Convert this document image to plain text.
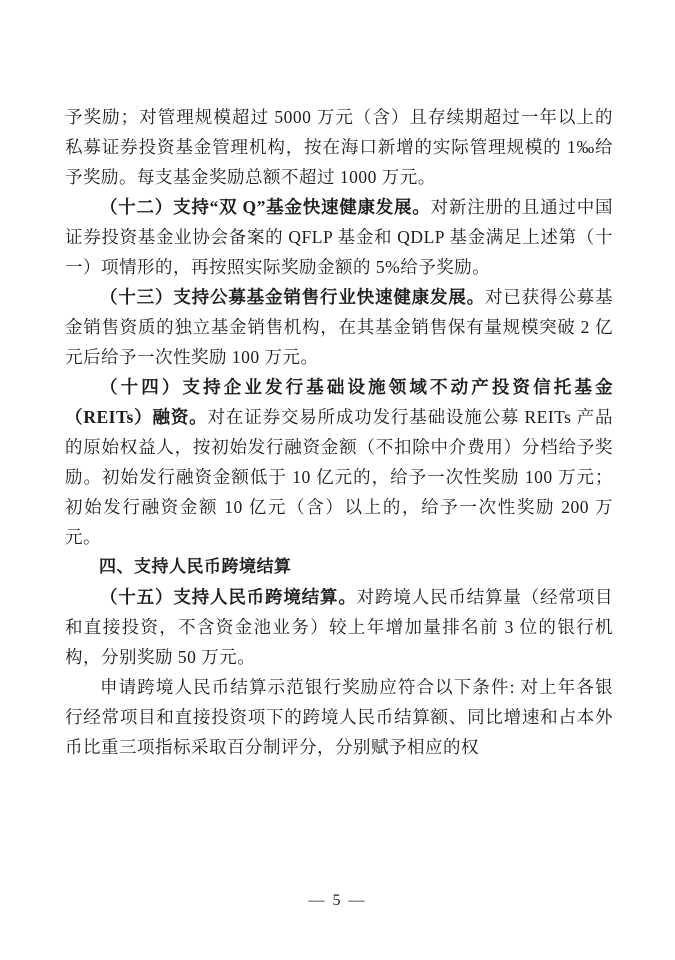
予奖励；对管理规模超过 5000 万元（含）且存续期超过一年以上的私募证券投资基金管理机构，按在海口新增的实际管理规模的 1‰给予奖励。每支基金奖励总额不超过 1000 万元。

（十二）支持“双 Q”基金快速健康发展。对新注册的且通过中国证券投资基金业协会备案的 QFLP 基金和 QDLP 基金满足上述第（十一）项情形的，再按照实际奖励金额的 5%给予奖励。

（十三）支持公募基金销售行业快速健康发展。对已获得公募基金销售资质的独立基金销售机构，在其基金销售保有量规模突破 2 亿元后给予一次性奖励 100 万元。

（十四）支持企业发行基础设施领域不动产投资信托基金（REITs）融资。对在证券交易所成功发行基础设施公募 REITs 产品的原始权益人，按初始发行融资金额（不扣除中介费用）分档给予奖励。初始发行融资金额低于 10 亿元的，给予一次性奖励 100 万元；初始发行融资金额 10 亿元（含）以上的，给予一次性奖励 200 万元。

四、支持人民币跨境结算

（十五）支持人民币跨境结算。对跨境人民币结算量（经常项目和直接投资，不含资金池业务）较上年增加量排名前 3 位的银行机构，分别奖励 50 万元。

申请跨境人民币结算示范银行奖励应符合以下条件: 对上年各银行经常项目和直接投资项下的跨境人民币结算额、同比增速和占本外币比重三项指标采取百分制评分，分别赋予相应的权

— 5 —
